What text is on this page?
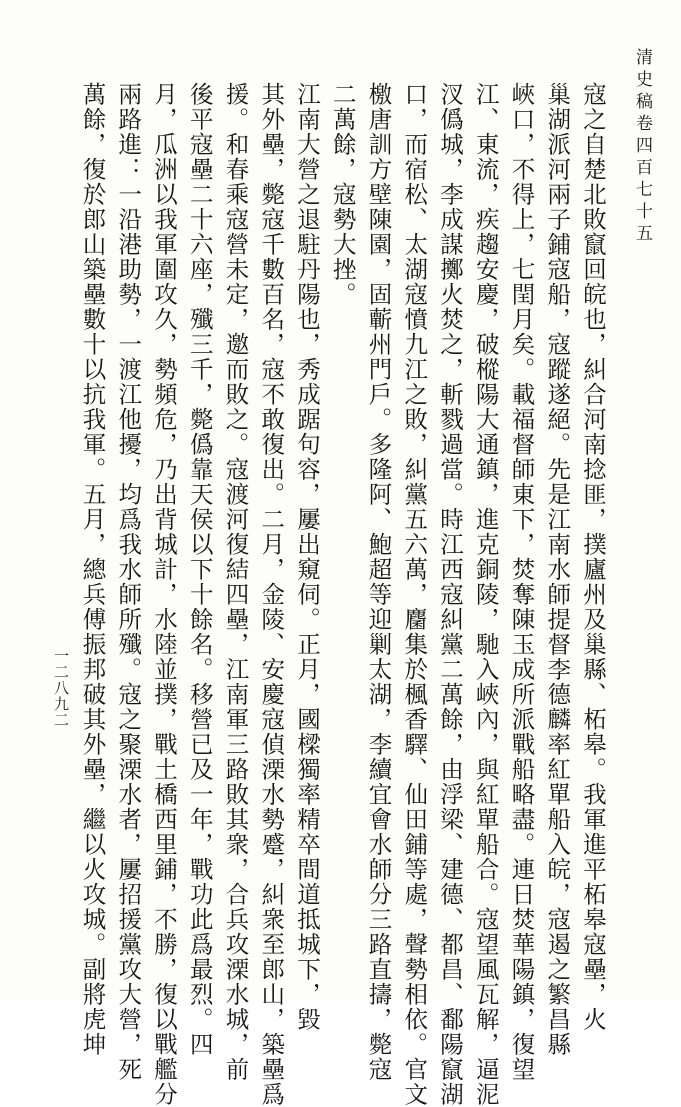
清史稿卷四百七十五
寇之自楚北敗竄回皖也，糾合河南捻匪，撲廬州及巢縣、柘皋。我軍進平柘皋寇壘，火
巢湖派河兩子鋪寇船，寇蹤遂絕。先是江南水師提督李德麟率紅單船入皖，寇遏之繁昌縣
峽口，不得上，七閏月矣。載福督師東下，焚奪陳玉成所派戰船略盡。連日焚華陽鎮，復望
江、東流，疾趨安慶，破樅陽大通鎮，進克銅陵，馳入峽內，與紅單船合。寇望風瓦解，逼泥
汊僞城，李成謀擲火焚之，斬戮過當。時江西寇糾黨二萬餘，由浮梁、建德、都昌、鄱陽竄湖
口，而宿松、太湖寇憤九江之敗，糾黨五六萬，麕集於楓香驛、仙田鋪等處，聲勢相依。官文
檄唐訓方壁陳園，固蘄州門戶。多隆阿、鮑超等迎剿太湖，李續宜會水師分三路直擣，斃寇
二萬餘，寇勢大挫。
江南大營之退駐丹陽也，秀成踞句容，屢出窺伺。正月，國樑獨率精卒間道抵城下，毀
其外壘，斃寇千數百名，寇不敢復出。二月，金陵、安慶寇偵溧水勢蹙，糾衆至郎山，築壘爲
援。和春乘寇營未定，邀而敗之。寇渡河復結四壘，江南軍三路敗其衆，合兵攻溧水城，前
後平寇壘二十六座，殲三千，斃僞靠天侯以下十餘名。移營已及一年，戰功此爲最烈。四
月，瓜洲以我軍圍攻久，勢頻危，乃出背城計，水陸並撲，戰土橋西里鋪，不勝，復以戰艦分
兩路進：一沿港助勢，一渡江他擾，均爲我水師所殲。寇之聚溧水者，屢招援黨攻大營，死
萬餘，復於郎山築壘數十以抗我軍。五月，總兵傅振邦破其外壘，繼以火攻城。副將虎坤
一二八九二
